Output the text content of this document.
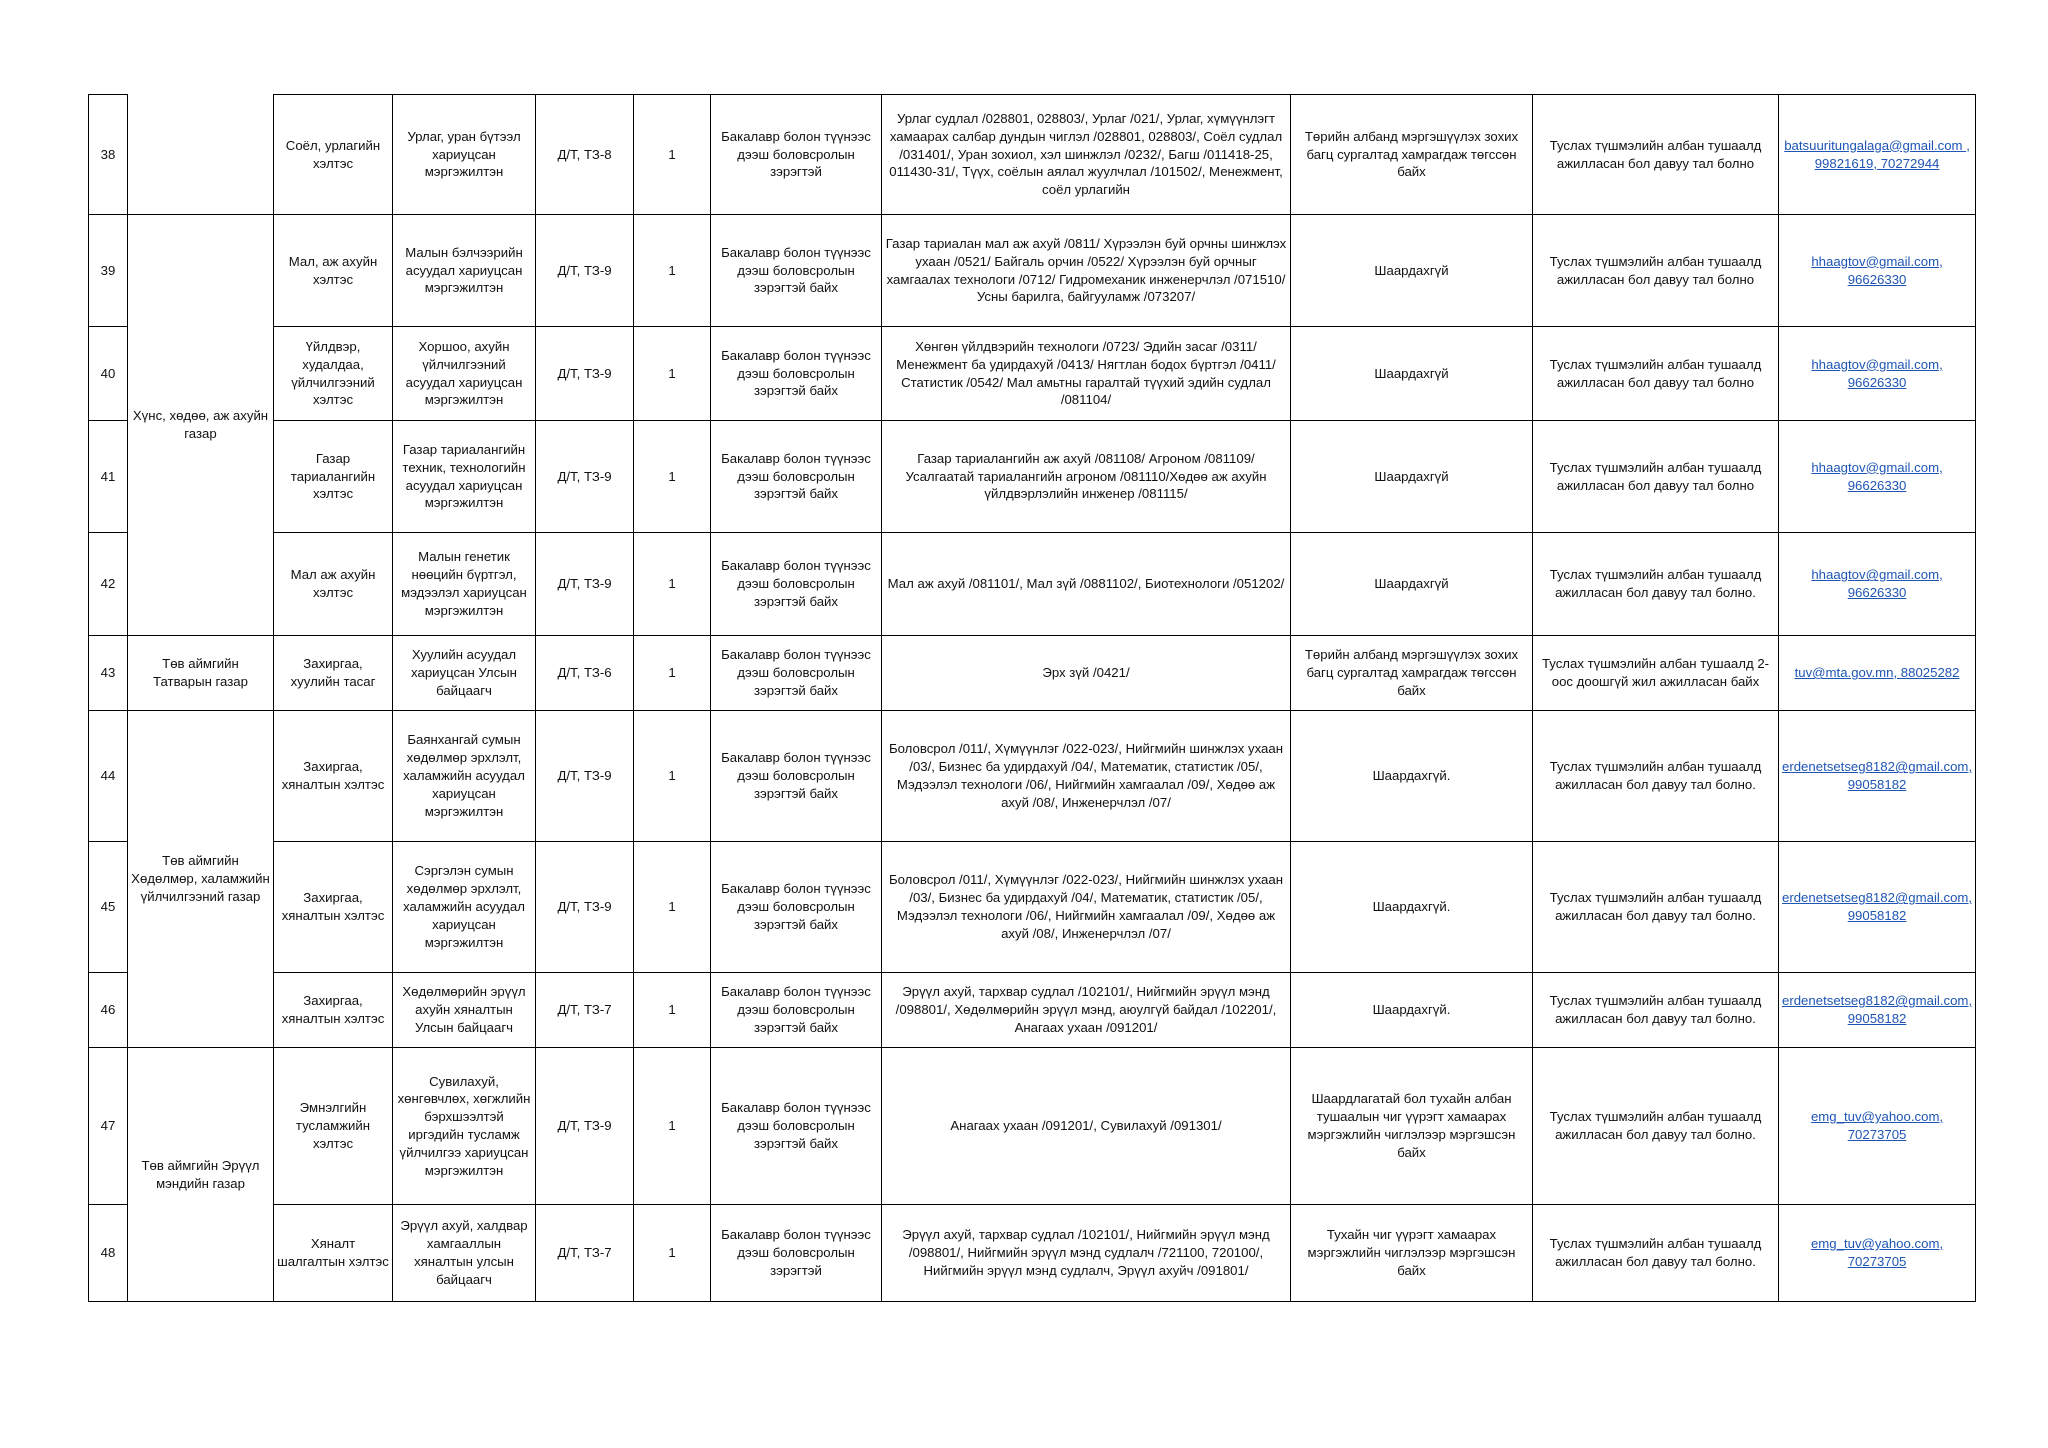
38		Соёл, урлагийн хэлтэс	Урлаг, уран бүтээл хариуцсан мэргэжилтэн	Д/Т, ТЗ-8	1	Бакалавр болон түүнээс дээш боловсролын зэрэгтэй	Урлаг судлал /028801, 028803/, Урлаг /021/, Урлаг, хүмүүнлэгт хамаарах салбар дундын чиглэл /028801, 028803/, Соёл судлал /031401/, Уран зохиол, хэл шинжлэл /0232/, Багш /011418-25, 011430-31/, Түүх, соёлын аялал жуулчлал /101502/, Менежмент, соёл урлагийн	Төрийн албанд мэргэшүүлэх зохих багц сургалтад хамрагдаж төгссөн байх	Туслах түшмэлийн албан тушаалд ажилласан бол давуу тал болно	batsuuritungalaga@gmail.com , 99821619, 70272944
39	Хүнс, хөдөө, аж ахуйн газар	Мал, аж ахуйн хэлтэс	Малын бэлчээрийн асуудал хариуцсан мэргэжилтэн	Д/Т, ТЗ-9	1	Бакалавр болон түүнээс дээш боловсролын зэрэгтэй байх	Газар тариалан мал аж ахуй /0811/ Хүрээлэн буй орчны шинжлэх ухаан /0521/ Байгаль орчин /0522/ Хүрээлэн буй орчныг хамгаалах технологи /0712/ Гидромеханик инженерчлэл /071510/ Усны барилга, байгууламж /073207/	Шаардахгүй	Туслах түшмэлийн албан тушаалд ажилласан бол давуу тал болно	hhaagtov@gmail.com, 96626330
40		Үйлдвэр, худалдаа, үйлчилгээний хэлтэс	Хоршоо, ахуйн үйлчилгээний асуудал хариуцсан мэргэжилтэн	Д/Т, ТЗ-9	1	Бакалавр болон түүнээс дээш боловсролын зэрэгтэй байх	Хөнгөн үйлдвэрийн технологи /0723/ Эдийн засаг /0311/ Менежмент ба удирдахуй /0413/ Нягтлан бодох бүртгэл /0411/ Статистик /0542/ Мал амьтны гаралтай түүхий эдийн судлал /081104/	Шаардахгүй	Туслах түшмэлийн албан тушаалд ажилласан бол давуу тал болно	hhaagtov@gmail.com, 96626330
41		Газар тариалангийн хэлтэс	Газар тариалангийн техник, технологийн асуудал хариуцсан мэргэжилтэн	Д/Т, ТЗ-9	1	Бакалавр болон түүнээс дээш боловсролын зэрэгтэй байх	Газар тариалангийн аж ахуй /081108/ Агроном /081109/ Усалгаатай тариалангийн агроном /081110/Хөдөө аж ахуйн үйлдвэрлэлийн инженер /081115/	Шаардахгүй	Туслах түшмэлийн албан тушаалд ажилласан бол давуу тал болно	hhaagtov@gmail.com, 96626330
42		Мал аж ахуйн хэлтэс	Малын генетик нөөцийн бүртгэл, мэдээлэл хариуцсан мэргэжилтэн	Д/Т, ТЗ-9	1	Бакалавр болон түүнээс дээш боловсролын зэрэгтэй байх	Мал аж ахуй /081101/, Мал зүй /0881102/, Биотехнологи /051202/	Шаардахгүй	Туслах түшмэлийн албан тушаалд ажилласан бол давуу тал болно.	hhaagtov@gmail.com, 96626330
43	Төв аймгийн Татварын газар	Захиргаа, хуулийн тасаг	Хуулийн асуудал хариуцсан Улсын байцаагч	Д/Т, ТЗ-6	1	Бакалавр болон түүнээс дээш боловсролын зэрэгтэй байх	Эрх зүй /0421/	Төрийн албанд мэргэшүүлэх зохих багц сургалтад хамрагдаж төгссөн байх	Туслах түшмэлийн албан тушаалд 2-оос доошгүй жил ажилласан байх	tuv@mta.gov.mn, 88025282
44	Төв аймгийн Хөдөлмөр, халамжийн үйлчилгээний газар	Захиргаа, хяналтын хэлтэс	Баянхангай сумын хөдөлмөр эрхлэлт, халамжийн асуудал хариуцсан мэргэжилтэн	Д/Т, ТЗ-9	1	Бакалавр болон түүнээс дээш боловсролын зэрэгтэй байх	Боловсрол /011/, Хүмүүнлэг /022-023/, Нийгмийн шинжлэх ухаан /03/, Бизнес ба удирдахуй /04/, Математик, статистик /05/, Мэдээлэл технологи /06/, Нийгмийн хамгаалал /09/, Хөдөө аж ахуй /08/, Инженерчлэл /07/	Шаардахгүй.	Туслах түшмэлийн албан тушаалд ажилласан бол давуу тал болно.	erdenetsetseg8182@gmail.com, 99058182
45		Захиргаа, хяналтын хэлтэс	Сэргэлэн сумын хөдөлмөр эрхлэлт, халамжийн асуудал хариуцсан мэргэжилтэн	Д/Т, ТЗ-9	1	Бакалавр болон түүнээс дээш боловсролын зэрэгтэй байх	Боловсрол /011/, Хүмүүнлэг /022-023/, Нийгмийн шинжлэх ухаан /03/, Бизнес ба удирдахуй /04/, Математик, статистик /05/, Мэдээлэл технологи /06/, Нийгмийн хамгаалал /09/, Хөдөө аж ахуй /08/, Инженерчлэл /07/	Шаардахгүй.	Туслах түшмэлийн албан тушаалд ажилласан бол давуу тал болно.	erdenetsetseg8182@gmail.com, 99058182
46		Захиргаа, хяналтын хэлтэс	Хөдөлмөрийн эрүүл ахуйн хяналтын Улсын байцаагч	Д/Т, ТЗ-7	1	Бакалавр болон түүнээс дээш боловсролын зэрэгтэй байх	Эрүүл ахуй, тархвар судлал /102101/, Нийгмийн эрүүл мэнд /098801/, Хөдөлмөрийн эрүүл мэнд, аюулгүй байдал /102201/, Анагаах ухаан /091201/	Шаардахгүй.	Туслах түшмэлийн албан тушаалд ажилласан бол давуу тал болно.	erdenetsetseg8182@gmail.com, 99058182
47	Төв аймгийн Эрүүл мэндийн газар	Эмнэлгийн тусламжийн хэлтэс	Сувилахуй, хөнгөвчлөх, хөгжлийн бэрхшээлтэй иргэдийн тусламж үйлчилгээ хариуцсан мэргэжилтэн	Д/Т, ТЗ-9	1	Бакалавр болон түүнээс дээш боловсролын зэрэгтэй байх	Анагаах ухаан /091201/, Сувилахуй /091301/	Шаардлагатай бол тухайн албан тушаалын чиг үүрэгт хамаарах мэргэжлийн чиглэлээр мэргэшсэн байх	Туслах түшмэлийн албан тушаалд ажилласан бол давуу тал болно.	emg_tuv@yahoo.com, 70273705
48		Хяналт шалгалтын хэлтэс	Эрүүл ахуй, халдвар хамгааллын хяналтын улсын байцаагч	Д/Т, ТЗ-7	1	Бакалавр болон түүнээс дээш боловсролын зэрэгтэй	Эрүүл ахуй, тархвар судлал /102101/, Нийгмийн эрүүл мэнд /098801/, Нийгмийн эрүүл мэнд судлалч /721100, 720100/, Нийгмийн эрүүл мэнд судлалч, Эрүүл ахуйч /091801/	Тухайн чиг үүрэгт хамаарах мэргэжлийн чиглэлээр мэргэшсэн байх	Туслах түшмэлийн албан тушаалд ажилласан бол давуу тал болно.	emg_tuv@yahoo.com, 70273705
